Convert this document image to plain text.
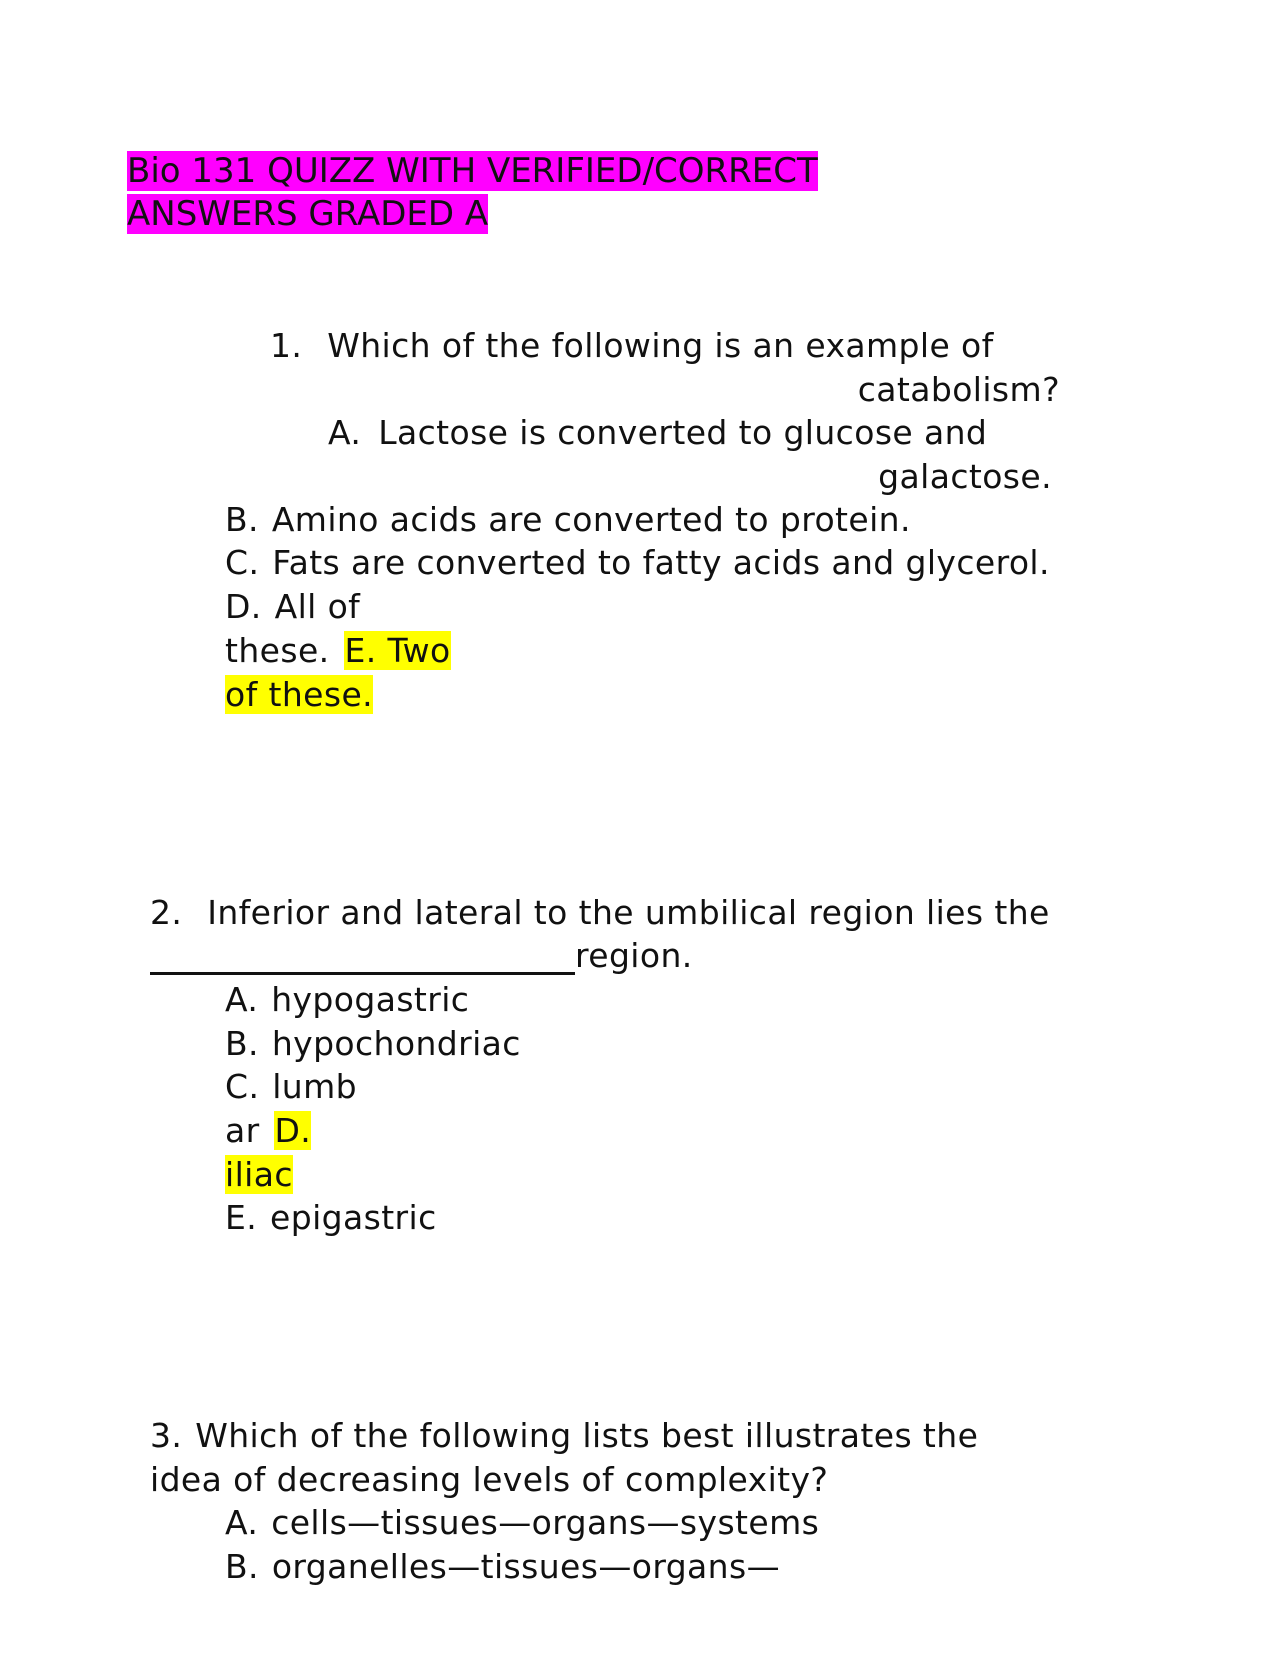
Bio 131 QUIZZ WITH VERIFIED/CORRECT
ANSWERS GRADED A
1. Which of the following is an example of
catabolism?
A. Lactose is converted to glucose and
galactose.
B. Amino acids are converted to protein.
C. Fats are converted to fatty acids and glycerol.
D. All of
these. E. Two
of these.
2. Inferior and lateral to the umbilical region lies the
region.
A. hypogastric
B. hypochondriac
C. lumb
ar D.
iliac
E. epigastric
3. Which of the following lists best illustrates the
idea of decreasing levels of complexity?
A. cells—tissues—organs—systems
B. organelles—tissues—organs—
